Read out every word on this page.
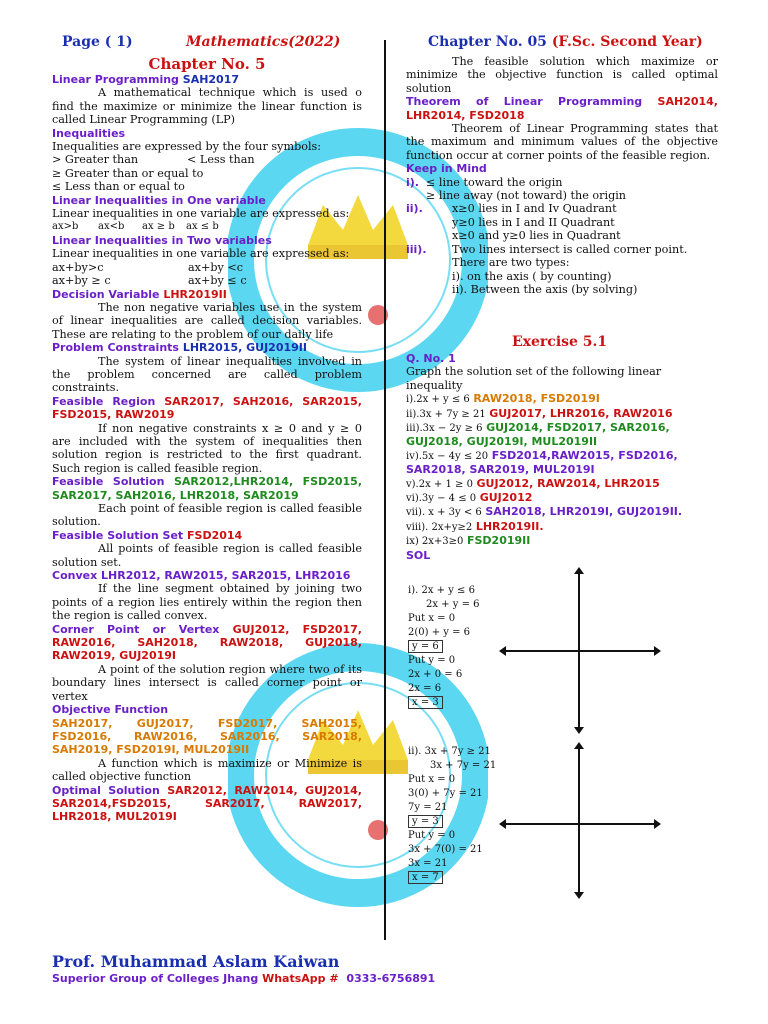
Page ( 1)	Mathematics(2022)	Chapter No. 05 (F.Sc. Second Year)

Chapter No. 5

Linear Programming SAH2017

A mathematical technique which is used o find the maximize or minimize the linear function is called Linear Programming (LP)

Inequalities

Inequalities are expressed by the four symbols:

> Greater than	< Less than

≥ Greater than or equal to

≤ Less than or equal to

Linear Inequalities in One variable

Linear inequalities in one variable are expressed as:

ax>b ax<b ax ≥ b ax ≤ b

Linear Inequalities in Two variables

Linear inequalities in one variable are expressed as:

ax+by>c	ax+by <c

ax+by ≥ c	ax+by ≤ c

Decision Variable LHR2019II

The non negative variables use in the system of linear inequalities are called decision variables. These are relating to the problem of our daily life

Problem Constraints LHR2015, GUJ2019II

The system of linear inequalities involved in the problem concerned are called problem constraints.

Feasible Region SAR2017, SAH2016, SAR2015, FSD2015, RAW2019

If non negative constraints x ≥ 0 and y ≥ 0 are included with the system of inequalities then solution region is restricted to the first quadrant. Such region is called feasible region.

Feasible Solution SAR2012,LHR2014, FSD2015, SAR2017, SAH2016, LHR2018, SAR2019

Each point of feasible region is called feasible solution.

Feasible Solution Set FSD2014

All points of feasible region is called feasible solution set.

Convex LHR2012, RAW2015, SAR2015, LHR2016

If the line segment obtained by joining two points of a region lies entirely within the region then the region is called convex.

Corner Point or Vertex GUJ2012, FSD2017, RAW2016, SAH2018, RAW2018, GUJ2018, RAW2019, GUJ2019I

A point of the solution region where two of its boundary lines intersect is called corner point or vertex

Objective Function

SAH2017, GUJ2017, FSD2017, SAH2015, FSD2016, RAW2016, SAR2016, SAR2018, SAH2019, FSD2019I, MUL2019II

A function which is maximize or Minimize is called objective function

Optimal Solution SAR2012, RAW2014, GUJ2014, SAR2014,FSD2015, SAR2017, RAW2017, LHR2018, MUL2019I

The feasible solution which maximize or minimize the objective function is called optimal solution

Theorem of Linear Programming SAH2014, LHR2014, FSD2018

Theorem of Linear Programming states that the maximum and minimum values of the objective function occur at corner points of the feasible region.

Keep in Mind

i). ≤ line toward the origin

≥ line away (not toward) the origin

ii).	x≥0 lies in I and Iv Quadrant

y≥0 lies in I and II Quadrant

x≥0 and y≥0 lies in Quadrant

iii). Two lines intersect is called corner point.

There are two types:

i). on the axis ( by counting)

ii). Between the axis (by solving)

Exercise 5.1

Q. No. 1

Graph the solution set of the following linear inequality

i).2x + y ≤ 6 RAW2018, FSD2019I

ii).3x + 7y ≥ 21 GUJ2017, LHR2016, RAW2016

iii).3x − 2y ≥ 6 GUJ2014, FSD2017, SAR2016, GUJ2018, GUJ2019I, MUL2019II

iv).5x − 4y ≤ 20 FSD2014,RAW2015, FSD2016, SAR2018, SAR2019, MUL2019I

v).2x + 1 ≥ 0 GUJ2012, RAW2014, LHR2015

vi).3y − 4 ≤ 0 GUJ2012

vii). x + 3y < 6 SAH2018, LHR2019I, GUJ2019II.

viii). 2x+y≥2 LHR2019II.

ix) 2x+3≥0 FSD2019II

SOL

i). 2x + y ≤ 6

2x + y = 6

Put x = 0

2(0) + y = 6

y = 6

Put y = 0

2x + 0 = 6

2x = 6

x = 3

ii). 3x + 7y ≥ 21

3x + 7y = 21

Put x = 0

3(0) + 7y = 21

7y = 21

y = 3

Put y = 0

3x + 7(0) = 21

3x = 21

x = 7

Prof. Muhammad Aslam Kaiwan
Superior Group of Colleges Jhang WhatsApp # 0333-6756891
